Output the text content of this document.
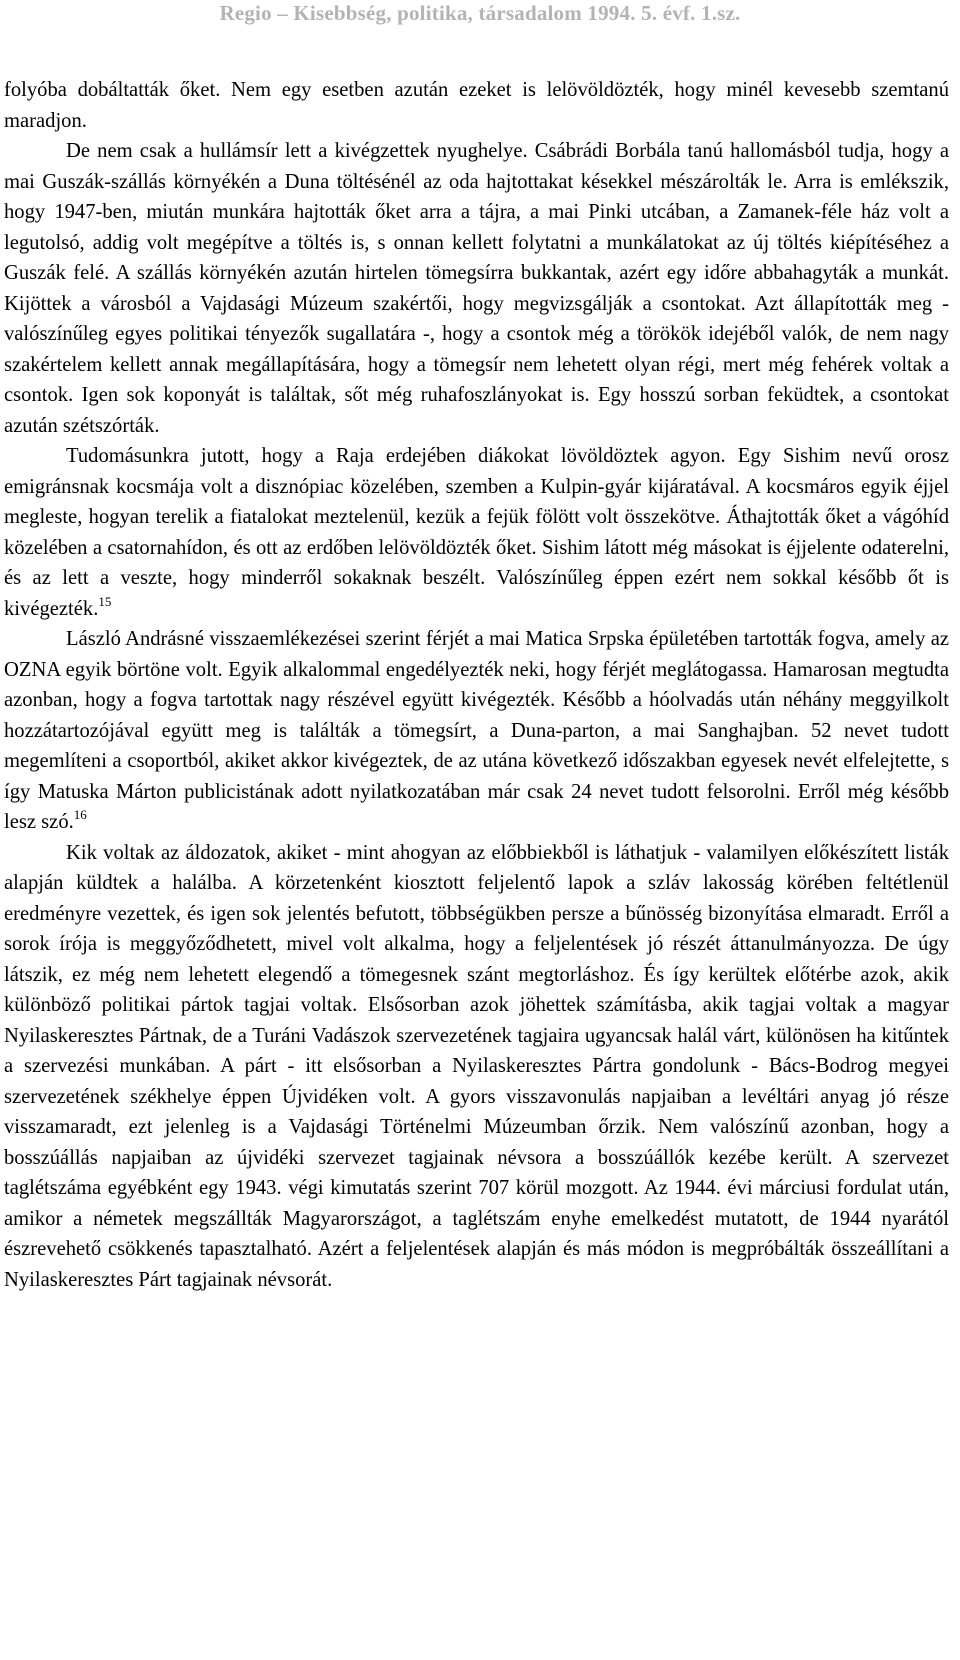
Regio – Kisebbség, politika, társadalom 1994. 5. évf. 1.sz.

folyóba dobáltatták őket. Nem egy esetben azután ezeket is lelövöldözték, hogy minél kevesebb szemtanú maradjon.

De nem csak a hullámsír lett a kivégzettek nyughelye. Csábrádi Borbála tanú hallomásból tudja, hogy a mai Guszák-szállás környékén a Duna töltésénél az oda hajtottakat késekkel mészárolták le. Arra is emlékszik, hogy 1947-ben, miután munkára hajtották őket arra a tájra, a mai Pinki utcában, a Zamanek-féle ház volt a legutolsó, addig volt megépítve a töltés is, s onnan kellett folytatni a munkálatokat az új töltés kiépítéséhez a Guszák felé. A szállás környékén azután hirtelen tömegsírra bukkantak, azért egy időre abbahagyták a munkát. Kijöttek a városból a Vajdasági Múzeum szakértői, hogy megvizsgálják a csontokat. Azt állapították meg - valószínűleg egyes politikai tényezők sugallatára -, hogy a csontok még a törökök idejéből valók, de nem nagy szakértelem kellett annak megállapítására, hogy a tömegsír nem lehetett olyan régi, mert még fehérek voltak a csontok. Igen sok koponyát is találtak, sőt még ruhafoszlányokat is. Egy hosszú sorban feküdtek, a csontokat azután szétszórták.

Tudomásunkra jutott, hogy a Raja erdejében diákokat lövöldöztek agyon. Egy Sishim nevű orosz emigránsnak kocsmája volt a disznópiac közelében, szemben a Kulpin-gyár kijáratával. A kocsmáros egyik éjjel megleste, hogyan terelik a fiatalokat meztelenül, kezük a fejük fölött volt összekötve. Áthajtották őket a vágóhíd közelében a csatornahídon, és ott az erdőben lelövöldözték őket. Sishim látott még másokat is éjjelente odaterelni, és az lett a veszte, hogy minderről sokaknak beszélt. Valószínűleg éppen ezért nem sokkal később őt is kivégezték.$^{15}$

László Andrásné visszaemlékezései szerint férjét a mai Matica Srpska épületében tartották fogva, amely az OZNA egyik börtöne volt. Egyik alkalommal engedélyezték neki, hogy férjét meglátogassa. Hamarosan megtudta azonban, hogy a fogva tartottak nagy részével együtt kivégezték. Később a hóolvadás után néhány meggyilkolt hozzátartozójával együtt meg is találták a tömegsírt, a Duna-parton, a mai Sanghajban. 52 nevet tudott megemlíteni a csoportból, akiket akkor kivégeztek, de az utána következő időszakban egyesek nevét elfelejtette, s így Matuska Márton publicistának adott nyilatkozatában már csak 24 nevet tudott felsorolni. Erről még később lesz szó.$^{16}$

Kik voltak az áldozatok, akiket - mint ahogyan az előbbiekből is láthatjuk - valamilyen előkészített listák alapján küldtek a halálba. A körzetenként kiosztott feljelentő lapok a szláv lakosság körében feltétlenül eredményre vezettek, és igen sok jelentés befutott, többségükben persze a bűnösség bizonyítása elmaradt. Erről a sorok írója is meggyőződhetett, mivel volt alkalma, hogy a feljelentések jó részét áttanulmányozza. De úgy látszik, ez még nem lehetett elegendő a tömegesnek szánt megtorláshoz. És így kerültek előtérbe azok, akik különböző politikai pártok tagjai voltak. Elsősorban azok jöhettek számításba, akik tagjai voltak a magyar Nyilaskeresztes Pártnak, de a Turáni Vadászok szervezetének tagjaira ugyancsak halál várt, különösen ha kitűntek a szervezési munkában. A párt - itt elsősorban a Nyilaskeresztes Pártra gondolunk - Bács-Bodrog megyei szervezetének székhelye éppen Újvidéken volt. A gyors visszavonulás napjaiban a levéltári anyag jó része visszamaradt, ezt jelenleg is a Vajdasági Történelmi Múzeumban őrzik. Nem valószínű azonban, hogy a bosszúállás napjaiban az újvidéki szervezet tagjainak névsora a bosszúállók kezébe került. A szervezet taglétszáma egyébként egy 1943. végi kimutatás szerint 707 körül mozgott. Az 1944. évi márciusi fordulat után, amikor a németek megszállták Magyarországot, a taglétszám enyhe emelkedést mutatott, de 1944 nyarától észrevehető csökkenés tapasztalható. Azért a feljelentések alapján és más módon is megpróbálták összeállítani a Nyilaskeresztes Párt tagjainak névsorát.
